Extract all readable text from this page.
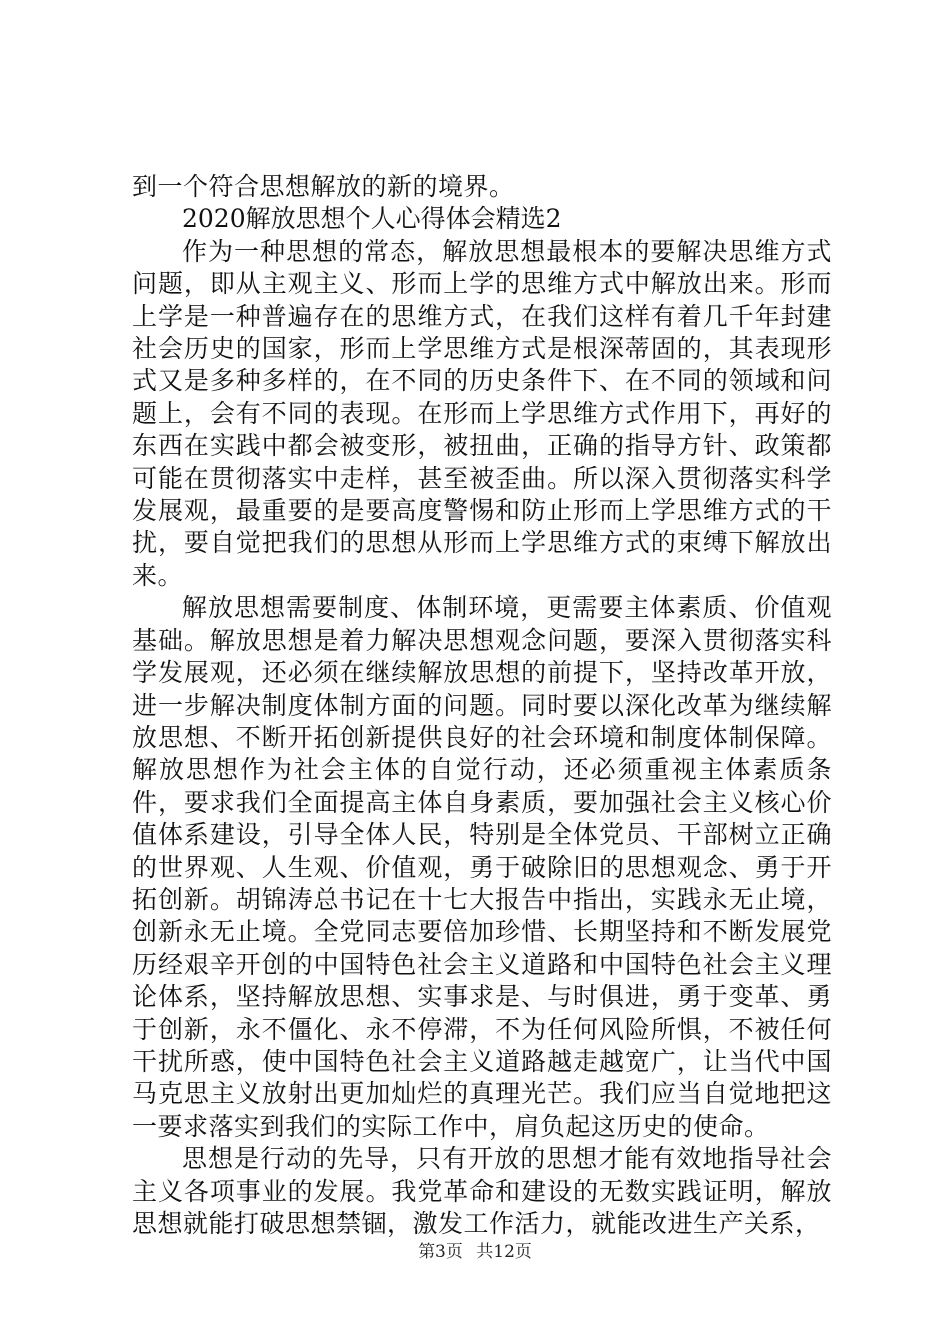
到一个符合思想解放的新的境界。

2020解放思想个人心得体会精选2

作为一种思想的常态，解放思想最根本的要解决思维方式问题，即从主观主义、形而上学的思维方式中解放出来。形而上学是一种普遍存在的思维方式，在我们这样有着几千年封建社会历史的国家，形而上学思维方式是根深蒂固的，其表现形式又是多种多样的，在不同的历史条件下、在不同的领域和问题上，会有不同的表现。在形而上学思维方式作用下，再好的东西在实践中都会被变形，被扭曲，正确的指导方针、政策都可能在贯彻落实中走样，甚至被歪曲。所以深入贯彻落实科学发展观，最重要的是要高度警惕和防止形而上学思维方式的干扰，要自觉把我们的思想从形而上学思维方式的束缚下解放出来。

解放思想需要制度、体制环境，更需要主体素质、价值观基础。解放思想是着力解决思想观念问题，要深入贯彻落实科学发展观，还必须在继续解放思想的前提下，坚持改革开放，进一步解决制度体制方面的问题。同时要以深化改革为继续解放思想、不断开拓创新提供良好的社会环境和制度体制保障。解放思想作为社会主体的自觉行动，还必须重视主体素质条件，要求我们全面提高主体自身素质，要加强社会主义核心价值体系建设，引导全体人民，特别是全体党员、干部树立正确的世界观、人生观、价值观，勇于破除旧的思想观念、勇于开拓创新。胡锦涛总书记在十七大报告中指出，实践永无止境，创新永无止境。全党同志要倍加珍惜、长期坚持和不断发展党历经艰辛开创的中国特色社会主义道路和中国特色社会主义理论体系，坚持解放思想、实事求是、与时俱进，勇于变革、勇于创新，永不僵化、永不停滞，不为任何风险所惧，不被任何干扰所惑，使中国特色社会主义道路越走越宽广，让当代中国马克思主义放射出更加灿烂的真理光芒。我们应当自觉地把这一要求落实到我们的实际工作中，肩负起这历史的使命。

思想是行动的先导，只有开放的思想才能有效地指导社会主义各项事业的发展。我党革命和建设的无数实践证明，解放思想就能打破思想禁锢，激发工作活力，就能改进生产关系，

第3页 共12页
